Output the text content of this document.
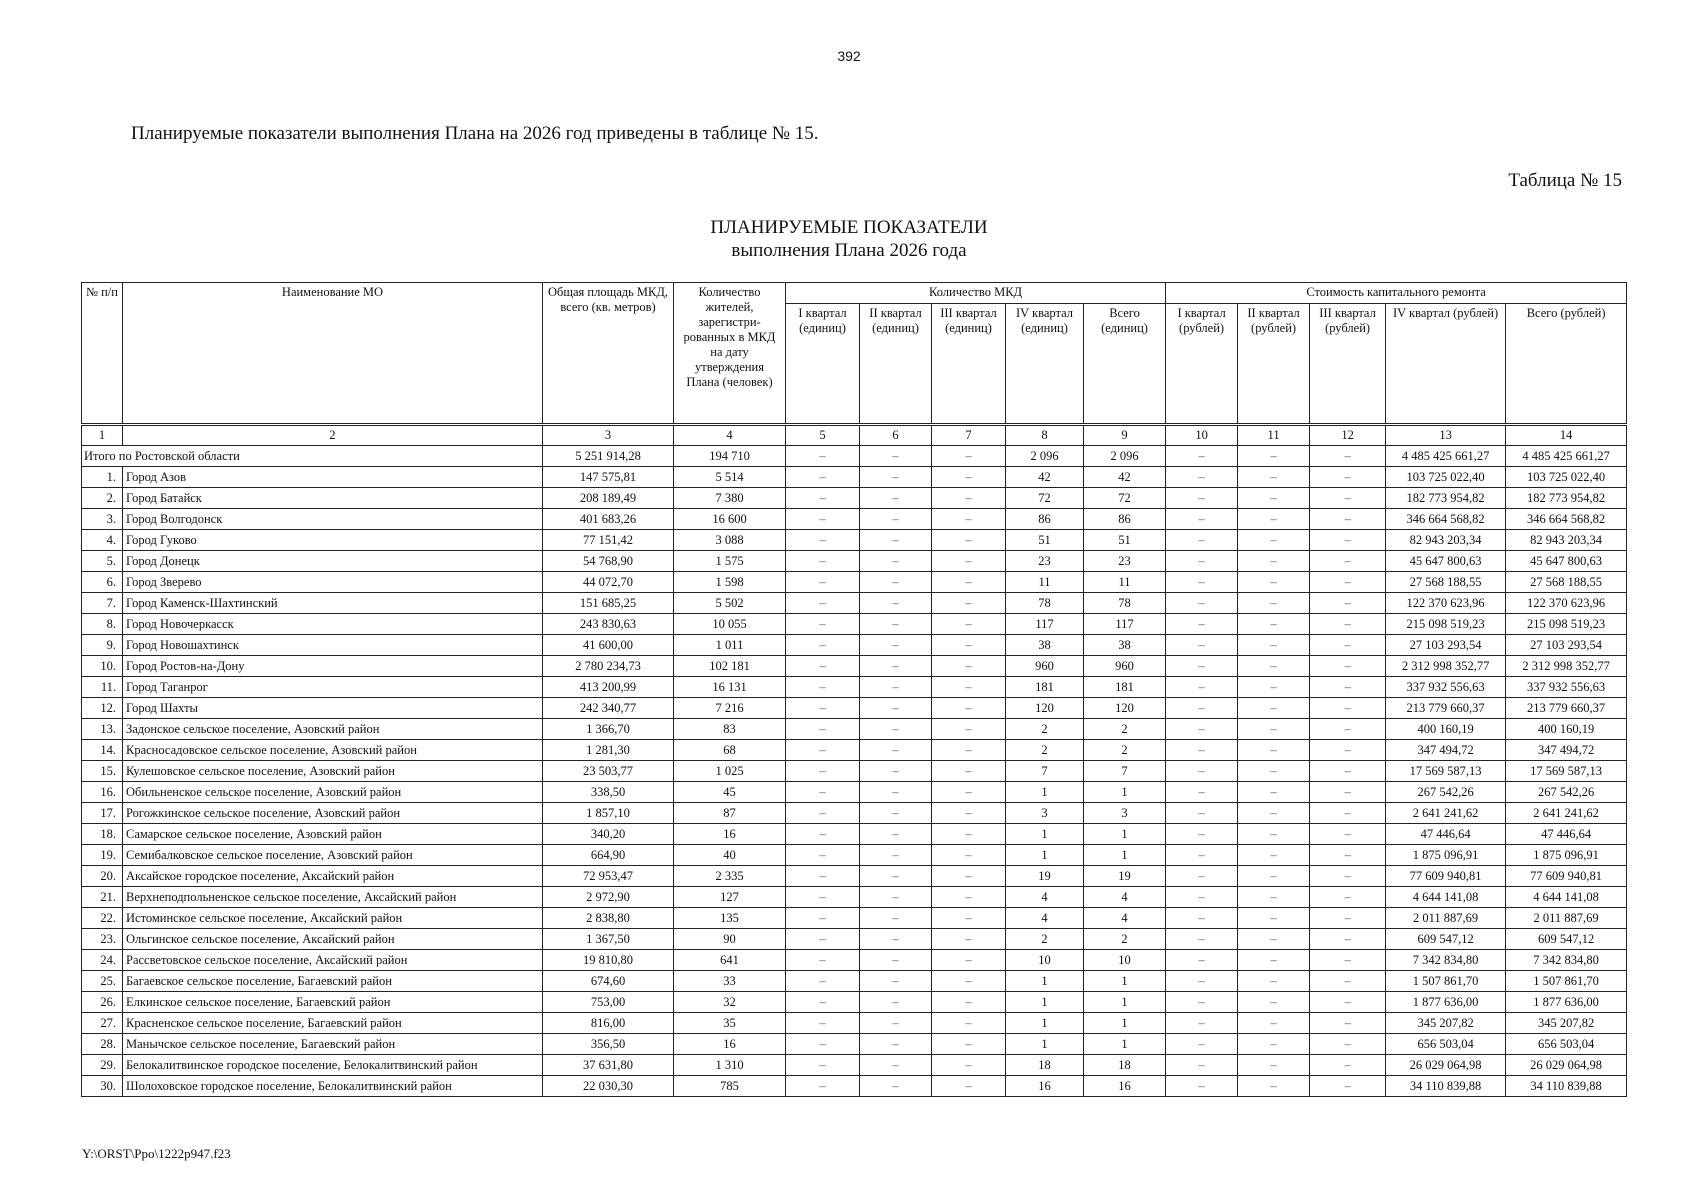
392
Планируемые показатели выполнения Плана на 2026 год приведены в таблице № 15.
Таблица № 15
ПЛАНИРУЕМЫЕ ПОКАЗАТЕЛИ
выполнения Плана 2026 года
№ п/п	Наименование МО	Общая площадь МКД, всего (кв. метров)	Количество жителей, зарегистри-рованных в МКД на дату утверждения Плана (человек)	Количество МКД					Стоимость капитального ремонта				
				I квартал (единиц)	II квартал (единиц)	III квартал (единиц)	IV квартал (единиц)	Всего (единиц)	I квартал (рублей)	II квартал (рублей)	III квартал (рублей)	IV квартал (рублей)	Всего (рублей)
1	2	3	4	5	6	7	8	9	10	11	12	13	14
Итого по Ростовской области		5 251 914,28	194 710	–	–	–	2 096	2 096	–	–	–	4 485 425 661,27	4 485 425 661,27
1.	Город Азов	147 575,81	5 514	–	–	–	42	42	–	–	–	103 725 022,40	103 725 022,40
2.	Город Батайск	208 189,49	7 380	–	–	–	72	72	–	–	–	182 773 954,82	182 773 954,82
3.	Город Волгодонск	401 683,26	16 600	–	–	–	86	86	–	–	–	346 664 568,82	346 664 568,82
4.	Город Гуково	77 151,42	3 088	–	–	–	51	51	–	–	–	82 943 203,34	82 943 203,34
5.	Город Донецк	54 768,90	1 575	–	–	–	23	23	–	–	–	45 647 800,63	45 647 800,63
6.	Город Зверево	44 072,70	1 598	–	–	–	11	11	–	–	–	27 568 188,55	27 568 188,55
7.	Город Каменск-Шахтинский	151 685,25	5 502	–	–	–	78	78	–	–	–	122 370 623,96	122 370 623,96
8.	Город Новочеркасск	243 830,63	10 055	–	–	–	117	117	–	–	–	215 098 519,23	215 098 519,23
9.	Город Новошахтинск	41 600,00	1 011	–	–	–	38	38	–	–	–	27 103 293,54	27 103 293,54
10.	Город Ростов-на-Дону	2 780 234,73	102 181	–	–	–	960	960	–	–	–	2 312 998 352,77	2 312 998 352,77
11.	Город Таганрог	413 200,99	16 131	–	–	–	181	181	–	–	–	337 932 556,63	337 932 556,63
12.	Город Шахты	242 340,77	7 216	–	–	–	120	120	–	–	–	213 779 660,37	213 779 660,37
13.	Задонское сельское поселение, Азовский район	1 366,70	83	–	–	–	2	2	–	–	–	400 160,19	400 160,19
14.	Красносадовское сельское поселение, Азовский район	1 281,30	68	–	–	–	2	2	–	–	–	347 494,72	347 494,72
15.	Кулешовское сельское поселение, Азовский район	23 503,77	1 025	–	–	–	7	7	–	–	–	17 569 587,13	17 569 587,13
16.	Обильненское сельское поселение, Азовский район	338,50	45	–	–	–	1	1	–	–	–	267 542,26	267 542,26
17.	Рогожкинское сельское поселение, Азовский район	1 857,10	87	–	–	–	3	3	–	–	–	2 641 241,62	2 641 241,62
18.	Самарское сельское поселение, Азовский район	340,20	16	–	–	–	1	1	–	–	–	47 446,64	47 446,64
19.	Семибалковское сельское поселение, Азовский район	664,90	40	–	–	–	1	1	–	–	–	1 875 096,91	1 875 096,91
20.	Аксайское городское поселение, Аксайский район	72 953,47	2 335	–	–	–	19	19	–	–	–	77 609 940,81	77 609 940,81
21.	Верхнеподпольненское сельское поселение, Аксайский район	2 972,90	127	–	–	–	4	4	–	–	–	4 644 141,08	4 644 141,08
22.	Истоминское сельское поселение, Аксайский район	2 838,80	135	–	–	–	4	4	–	–	–	2 011 887,69	2 011 887,69
23.	Ольгинское сельское поселение, Аксайский район	1 367,50	90	–	–	–	2	2	–	–	–	609 547,12	609 547,12
24.	Рассветовское сельское поселение, Аксайский район	19 810,80	641	–	–	–	10	10	–	–	–	7 342 834,80	7 342 834,80
25.	Багаевское сельское поселение, Багаевский район	674,60	33	–	–	–	1	1	–	–	–	1 507 861,70	1 507 861,70
26.	Елкинское сельское поселение, Багаевский район	753,00	32	–	–	–	1	1	–	–	–	1 877 636,00	1 877 636,00
27.	Красненское сельское поселение, Багаевский район	816,00	35	–	–	–	1	1	–	–	–	345 207,82	345 207,82
28.	Манычское сельское поселение, Багаевский район	356,50	16	–	–	–	1	1	–	–	–	656 503,04	656 503,04
29.	Белокалитвинское городское поселение, Белокалитвинский район	37 631,80	1 310	–	–	–	18	18	–	–	–	26 029 064,98	26 029 064,98
30.	Шолоховское городское поселение, Белокалитвинский район	22 030,30	785	–	–	–	16	16	–	–	–	34 110 839,88	34 110 839,88
Y:\ORST\Ppo\1222p947.f23
